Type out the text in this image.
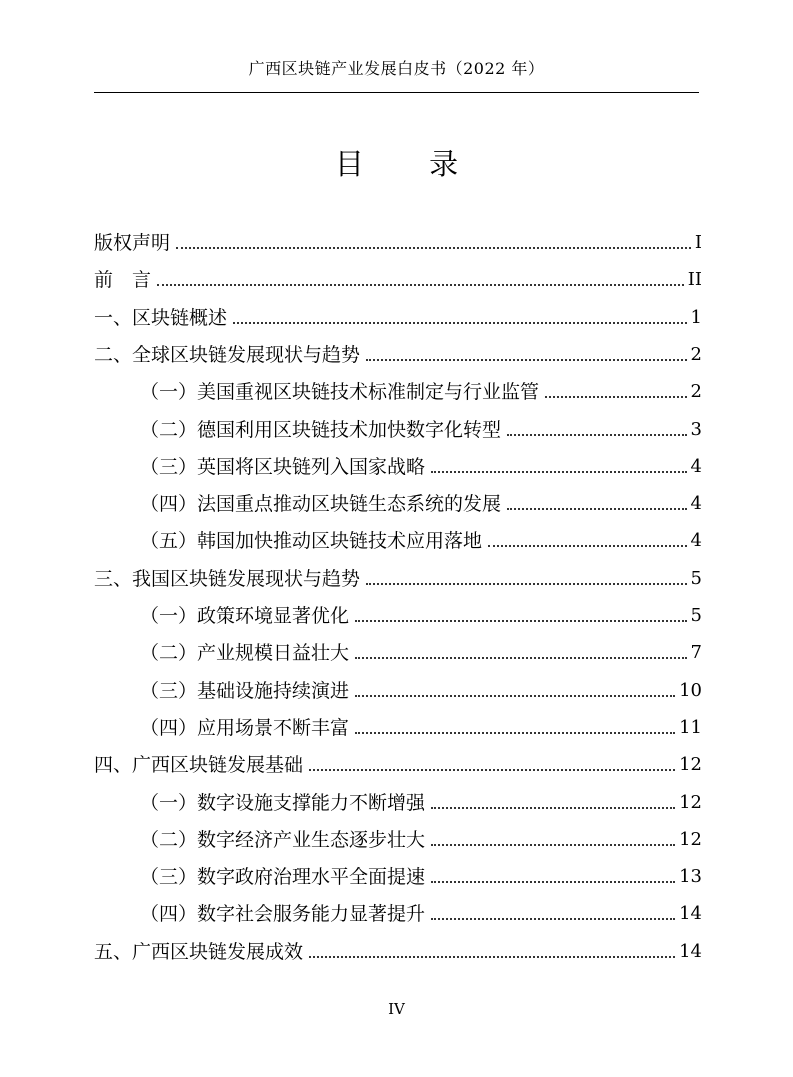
广西区块链产业发展白皮书（2022 年）
目 录
版权声明	I
前　言	II
一、区块链概述	1
二、全球区块链发展现状与趋势	2
（一）美国重视区块链技术标准制定与行业监管	2
（二）德国利用区块链技术加快数字化转型	3
（三）英国将区块链列入国家战略	4
（四）法国重点推动区块链生态系统的发展	4
（五）韩国加快推动区块链技术应用落地	4
三、我国区块链发展现状与趋势	5
（一）政策环境显著优化	5
（二）产业规模日益壮大	7
（三）基础设施持续演进	10
（四）应用场景不断丰富	11
四、广西区块链发展基础	12
（一）数字设施支撑能力不断增强	12
（二）数字经济产业生态逐步壮大	12
（三）数字政府治理水平全面提速	13
（四）数字社会服务能力显著提升	14
五、广西区块链发展成效	14
IV
